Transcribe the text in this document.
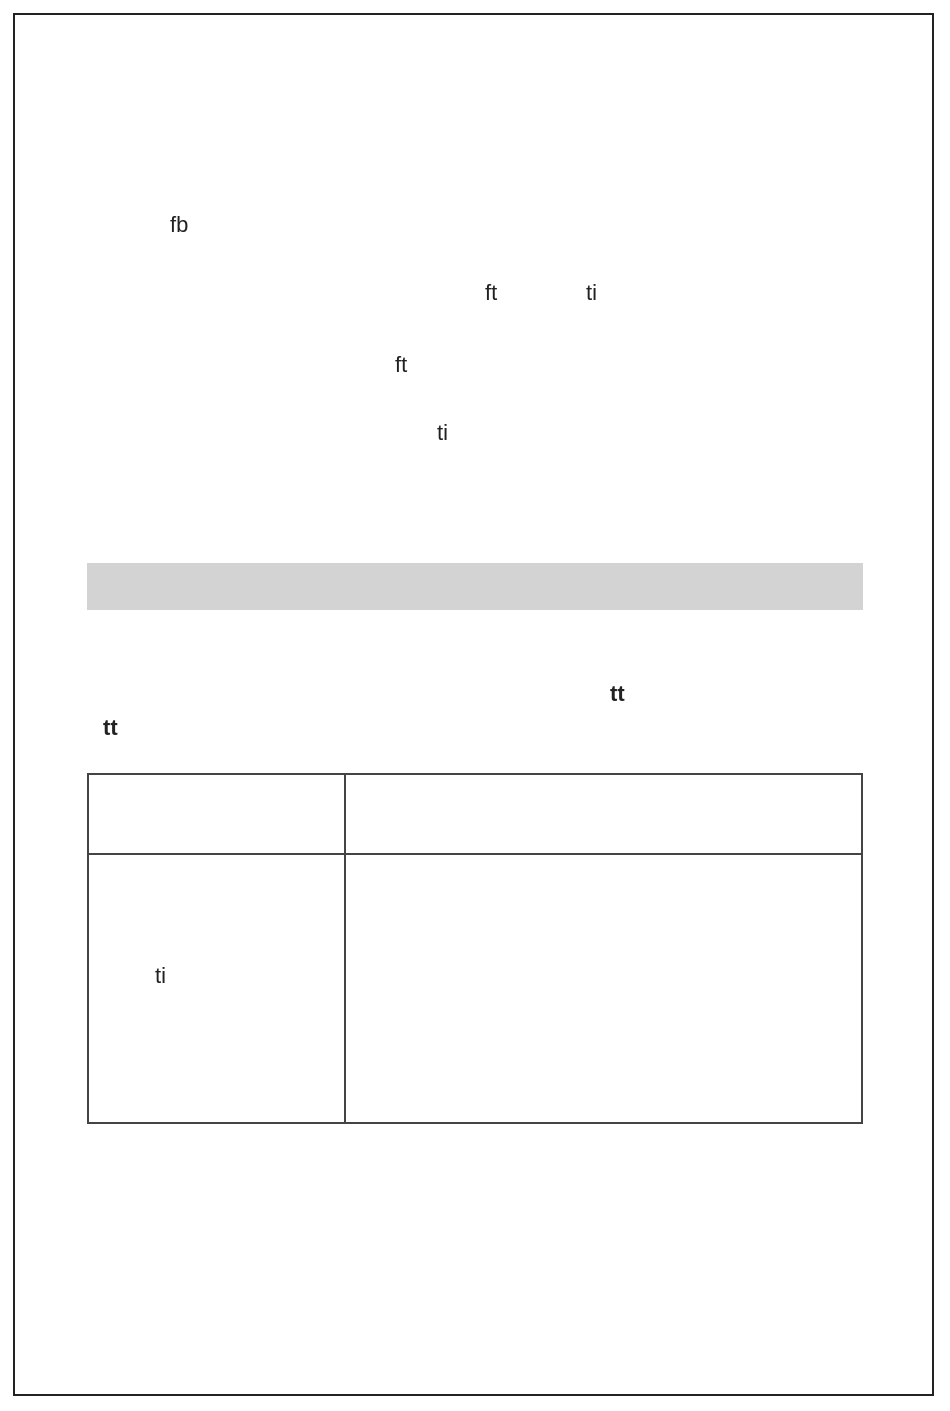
fb
ft	ti
ft
ti
tt
tt
ti
